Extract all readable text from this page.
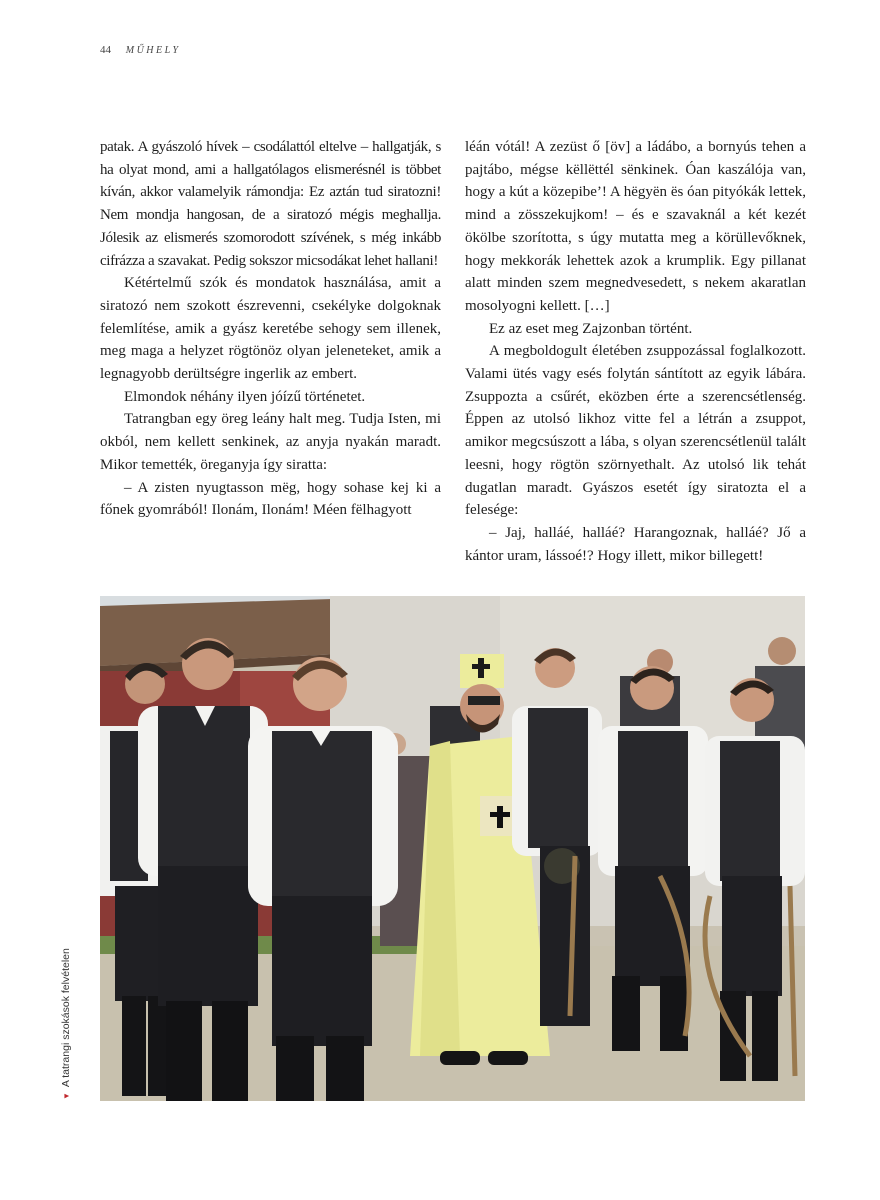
44 MŰHELY

patak. A gyászoló hívek – csodálattól eltelve – hallgatják, s ha olyat mond, ami a hallgatólagos elismerésnél is többet kíván, akkor valamelyik rámondja: Ez aztán tud siratozni! Nem mondja hangosan, de a siratozó mégis meghallja. Jólesik az elismerés szomorodott szívének, s még inkább cifrázza a szavakat. Pedig sokszor micsodákat lehet hallani!

Kétértelmű szók és mondatok használása, amit a siratozó nem szokott észrevenni, csekélyke dolgoknak felemlítése, amik a gyász keretébe sehogy sem illenek, meg maga a helyzet rögtönöz olyan jeleneteket, amik a legnagyobb derültségre ingerlik az embert.

Elmondok néhány ilyen jóízű történetet.

Tatrangban egy öreg leány halt meg. Tudja Isten, mi okból, nem kellett senkinek, az anyja nyakán maradt. Mikor temették, öreganyja így siratta:

– A zisten nyugtasson mëg, hogy sohase kej ki a főnek gyomrából! Ilonám, Ilonám! Méen fëlhagyott

léán vótál! A zezüst ő [öv] a ládábo, a bornyús tehen a pajtábo, mégse këllëttél sënkinek. Óan kaszálója van, hogy a kút a közepibe’! A hëgyën ës óan pityókák lettek, mind a zösszekujkom! – és e szavaknál a két kezét ökölbe szorította, s úgy mutatta meg a körüllevőknek, hogy mekkorák lehettek azok a krumplik. Egy pillanat alatt minden szem megnedvesedett, s nekem akaratlan mosolyogni kellett. […]

Ez az eset meg Zajzonban történt.

A megboldogult életében zsuppozással foglalkozott. Valami ütés vagy esés folytán sántított az egyik lábára. Zsuppozta a csűrét, eközben érte a szerencsétlenség. Éppen az utolsó likhoz vitte fel a létrán a zsuppot, amikor megcsúszott a lába, s olyan szerencsétlenül talált leesni, hogy rögtön szörnyethalt. Az utolsó lik tehát dugatlan maradt. Gyászos esetét így siratozta el a felesége:

– Jaj, halláé, halláé? Harangoznak, halláé? Jő a kántor uram, lássoé!? Hogy illett, mikor billegett!

▼A tatrangi szokások felvételen
